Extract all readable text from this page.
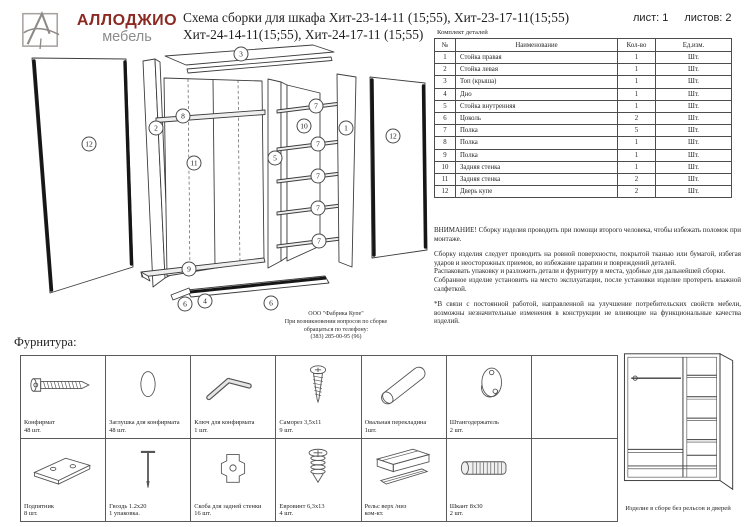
АЛЛОДЖИО
мебель
Схема сборки для шкафа Хит-23-14-11 (15;55), Хит-23-17-11(15;55)
Хит-24-14-11(15;55), Хит-24-17-11 (15;55)
лист: 1 листов: 2
ООО "Фабрика Купе"
При возникновении вопросов по сборке
обращаться по телефону:
(383) 285-00-95 (96)
Комплект деталей
№	Наименование	Кол-во	Ед.изм.
1	Стойка правая	1	Шт.
2	Стойка левая	1	Шт.
3	Топ (крыша)	1	Шт.
4	Дно	1	Шт.
5	Стойка внутренняя	1	Шт.
6	Цоколь	2	Шт.
7	Полка	5	Шт.
8	Полка	1	Шт.
9	Полка	1	Шт.
10	Задняя стенка	1	Шт.
11	Задняя стенка	2	Шт.
12	Дверь купе	2	Шт.

ВНИМАНИЕ! Сборку изделия проводить при помощи второго человека, чтобы избежать поломок при монтаже.

Сборку изделия следует проводить на ровной поверхности, покрытой тканью или бумагой, избегая ударов и неосторожных приемов, во избежание царапин и повреждений деталей.
Распаковать упаковку и разложить детали и фурнитуру в места, удобные для дальнейшей сборки.
Собранное изделие установить на место эксплуатации, после установки изделие протереть влажной салфеткой.

*В связи с постоянной работой, направленной на улучшение потребительских свойств мебели, возможны незначительные изменения в конструкции не влияющие на функциональные качества изделий.

Фурнитура:
Конфирмат
48 шт.
Заглушка для конфирмата
48 шт.
Ключ для конфирмата
1 шт.
Саморез 3,5х11
9 шт.
Овальная перекладина
1шт.
Штангодержатель
2 шт.
Подпятник
8 шт.
Гвоздь 1.2х20
1 упаковка.
Скоба для задней стенки
16 шт.
Евровинт 6,3х13
4 шт.
Рельс верх /низ
ком-кт.
Шкант 8х30
2 шт.
Изделие в сборе без рельсов и дверей
3
12
2
8
11
5
10
7
7
7
7
7
1
12
9
6	4	6
